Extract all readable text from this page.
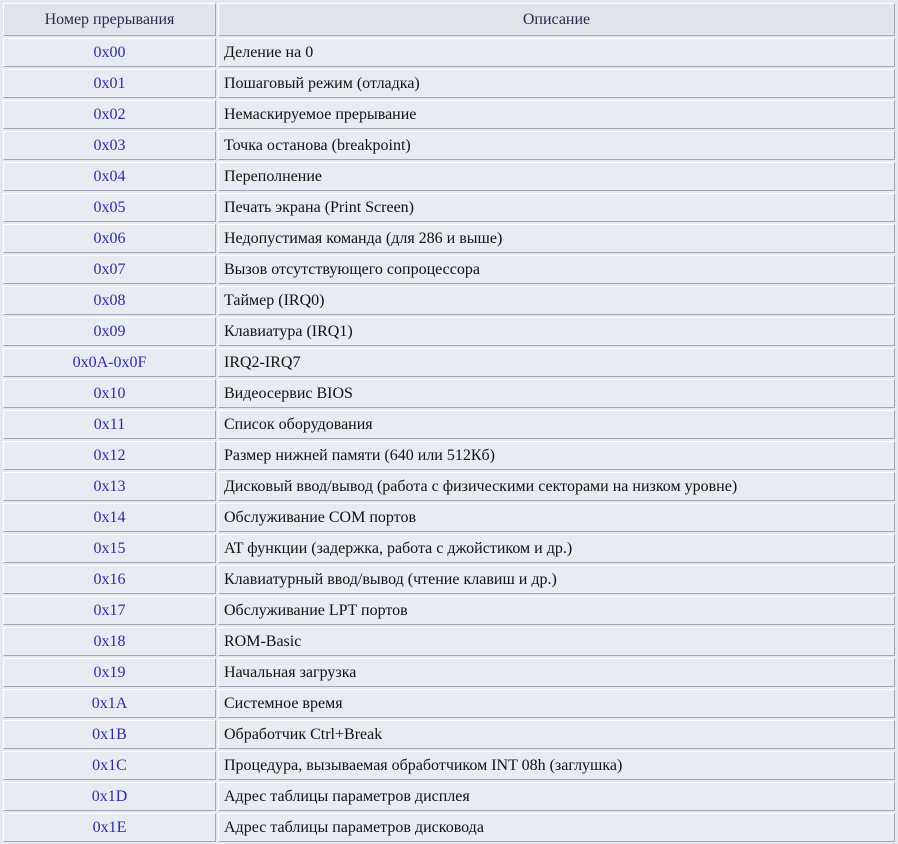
Номер прерывания	Описание
0x00	Деление на 0
0x01	Пошаговый режим (отладка)
0x02	Немаскируемое прерывание
0x03	Точка останова (breakpoint)
0x04	Переполнение
0x05	Печать экрана (Print Screen)
0x06	Недопустимая команда (для 286 и выше)
0x07	Вызов отсутствующего сопроцессора
0x08	Таймер (IRQ0)
0x09	Клавиатура (IRQ1)
0x0A-0x0F	IRQ2-IRQ7
0x10	Видеосервис BIOS
0x11	Список оборудования
0x12	Размер нижней памяти (640 или 512Кб)
0x13	Дисковый ввод/вывод (работа с физическими секторами на низком уровне)
0x14	Обслуживание COM портов
0x15	AT функции (задержка, работа с джойстиком и др.)
0x16	Клавиатурный ввод/вывод (чтение клавиш и др.)
0x17	Обслуживание LPT портов
0x18	ROM-Basic
0x19	Начальная загрузка
0x1A	Системное время
0x1B	Обработчик Ctrl+Break
0x1C	Процедура, вызываемая обработчиком INT 08h (заглушка)
0x1D	Адрес таблицы параметров дисплея
0x1E	Адрес таблицы параметров дисковода
